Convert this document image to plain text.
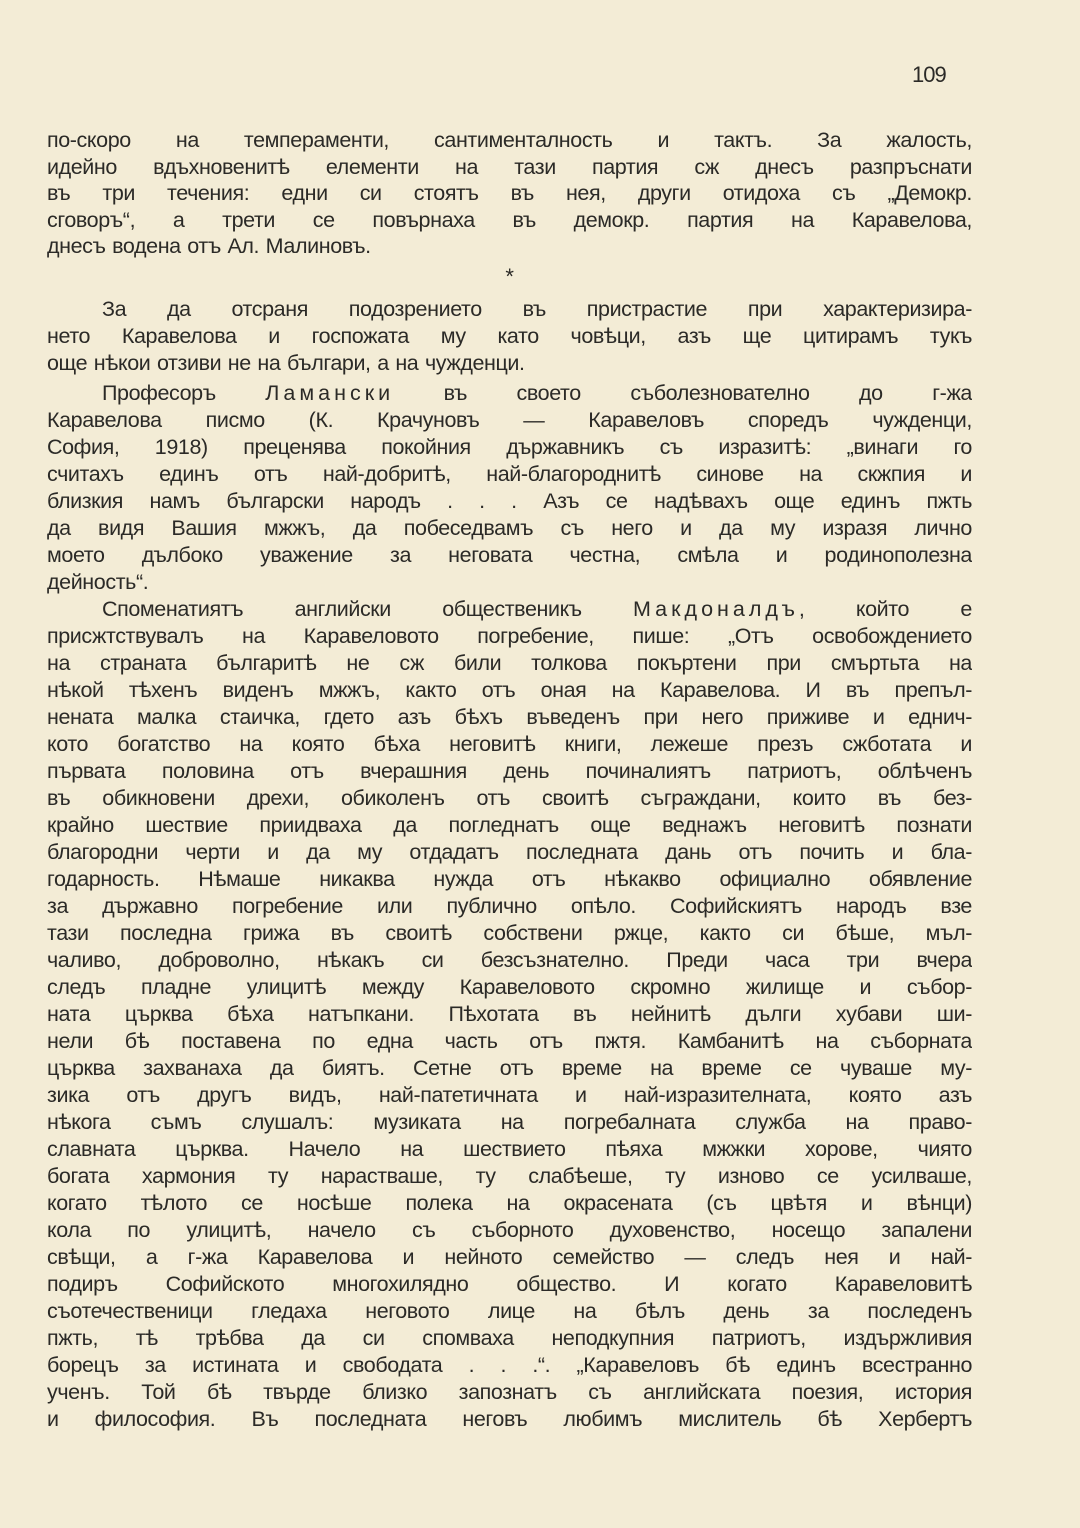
109
по-скоро на темпераменти, сантименталность и тактъ. За жалость,
идейно вдъхновенитѣ елементи на тази партия сж днесъ разпръснати
въ три течения: едни си стоятъ въ нея, други отидоха съ „Демокр.
сговоръ“, а трети се повърнаха въ демокр. партия на Каравелова,
днесъ водена отъ Ал. Малиновъ.
*
За да отсраня подозрението въ пристрастие при характеризира-
нето Каравелова и госпожата му като човѣци, азъ ще цитирамъ тукъ
още нѣкои отзиви не на българи, а на чужденци.
Професоръ Ламански въ своето съболезнователно до г-жа
Каравелова писмо (К. Крачуновъ — Каравеловъ споредъ чужденци,
София, 1918) преценява покойния държавникъ съ изразитѣ: „винаги го
считахъ единъ отъ най-добритѣ, най-благороднитѣ синове на скжпия и
близкия намъ български народъ . . . Азъ се надѣвахъ още единъ пжть
да видя Вашия мжжъ, да побеседвамъ съ него и да му изразя лично
моето дълбоко уважение за неговата честна, смѣла и родинополезна
дейность“.
Споменатиятъ английски общественикъ Макдоналдъ, който е
присжтствувалъ на Каравеловото погребение, пише: „Отъ освобождението
на страната българитѣ не сж били толкова покъртени при смъртьта на
нѣкой тѣхенъ виденъ мжжъ, както отъ оная на Каравелова. И въ препъл-
нената малка стаичка, гдето азъ бѣхъ въведенъ при него приживе и еднич-
кото богатство на която бѣха неговитѣ книги, лежеше презъ сжботата и
първата половина отъ вчерашния день починалиятъ патриотъ, облѣченъ
въ обикновени дрехи, обиколенъ отъ своитѣ съграждани, които въ без-
крайно шествие приидваха да погледнатъ още веднажъ неговитѣ познати
благородни черти и да му отдадатъ последната дань отъ почить и бла-
годарность. Нѣмаше никаква нужда отъ нѣкакво официално обявление
за държавно погребение или публично опѣло. Софийскиятъ народъ взе
тази последна грижа въ своитѣ собствени ржце, както си бѣше, мъл-
чаливо, доброволно, нѣкакъ си безсъзнателно. Преди часа три вчера
следъ пладне улицитѣ между Каравеловото скромно жилище и събор-
ната църква бѣха натъпкани. Пѣхотата въ нейнитѣ дълги хубави ши-
нели бѣ поставена по една часть отъ пжтя. Камбанитѣ на съборната
църква захванаха да биятъ. Сетне отъ време на време се чуваше му-
зика отъ другъ видъ, най-патетичната и най-изразителната, която азъ
нѣкога съмъ слушалъ: музиката на погребалната служба на право-
славната църква. Начело на шествието пѣяха мжжки хорове, чиято
богата хармония ту нарастваше, ту слабѣеше, ту изново се усилваше,
когато тѣлото се носѣше полека на окрасената (съ цвѣтя и вѣнци)
кола по улицитѣ, начело съ съборното духовенство, носещо запалени
свѣщи, а г-жа Каравелова и нейното семейство — следъ нея и най-
подиръ Софийското многохилядно общество. И когато Каравеловитѣ
съотечественици гледаха неговото лице на бѣлъ день за последенъ
пжть, тѣ трѣбва да си спомваха неподкупния патриотъ, издържливия
борецъ за истината и свободата . . .“. „Каравеловъ бѣ единъ всестранно
ученъ. Той бѣ твърде близко запознатъ съ английската поезия, история
и философия. Въ последната неговъ любимъ мислитель бѣ Хербертъ
